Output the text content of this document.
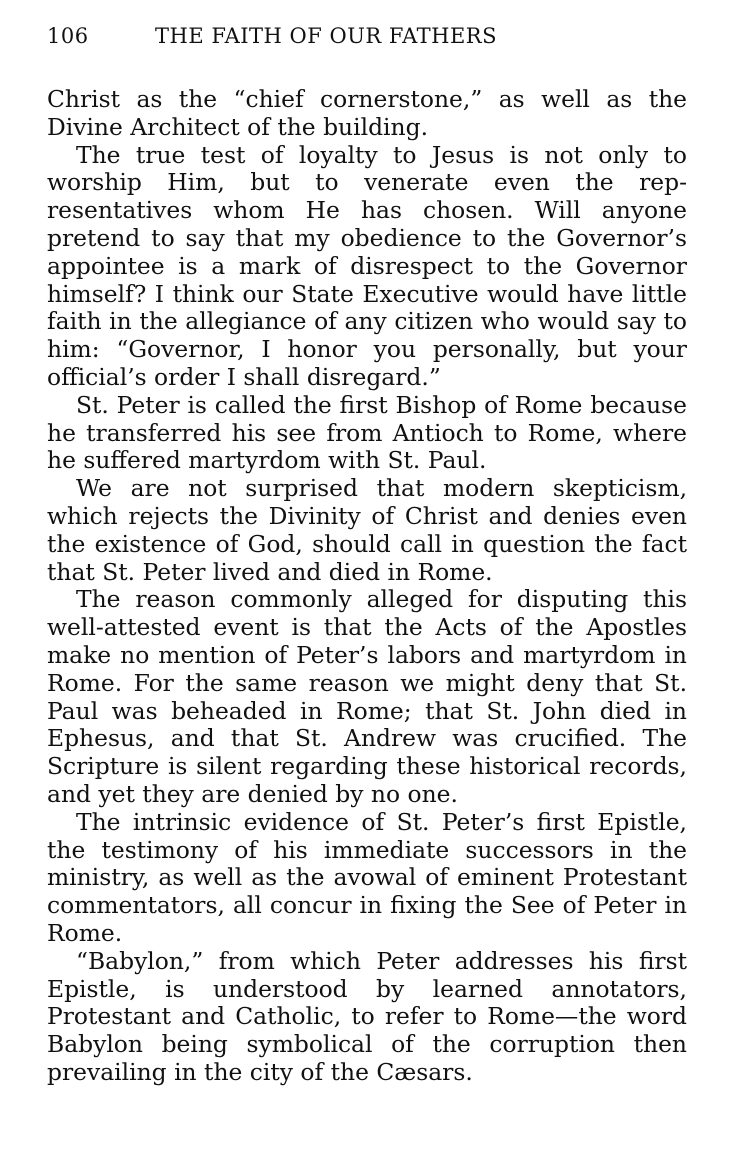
106	THE FAITH OF OUR FATHERS

Christ as the “chief cornerstone,” as well as the Divine Architect of the building.

The true test of loyalty to Jesus is not only to worship Him, but to venerate even the representatives whom He has chosen. Will anyone pretend to say that my obedience to the Governor’s appointee is a mark of disrespect to the Governor himself? I think our State Executive would have little faith in the allegiance of any citizen who would say to him: “Governor, I honor you personally, but your official’s order I shall disregard.”

St. Peter is called the first Bishop of Rome because he transferred his see from Antioch to Rome, where he suffered martyrdom with St. Paul.

We are not surprised that modern skepticism, which rejects the Divinity of Christ and denies even the existence of God, should call in question the fact that St. Peter lived and died in Rome.

The reason commonly alleged for disputing this well-attested event is that the Acts of the Apostles make no mention of Peter’s labors and martyrdom in Rome. For the same reason we might deny that St. Paul was beheaded in Rome; that St. John died in Ephesus, and that St. Andrew was crucified. The Scripture is silent regarding these historical records, and yet they are denied by no one.

The intrinsic evidence of St. Peter’s first Epistle, the testimony of his immediate successors in the ministry, as well as the avowal of eminent Protestant commentators, all concur in fixing the See of Peter in Rome.

“Babylon,” from which Peter addresses his first Epistle, is understood by learned annotators, Protestant and Catholic, to refer to Rome—the word Babylon being symbolical of the corruption then prevailing in the city of the Cæsars.
